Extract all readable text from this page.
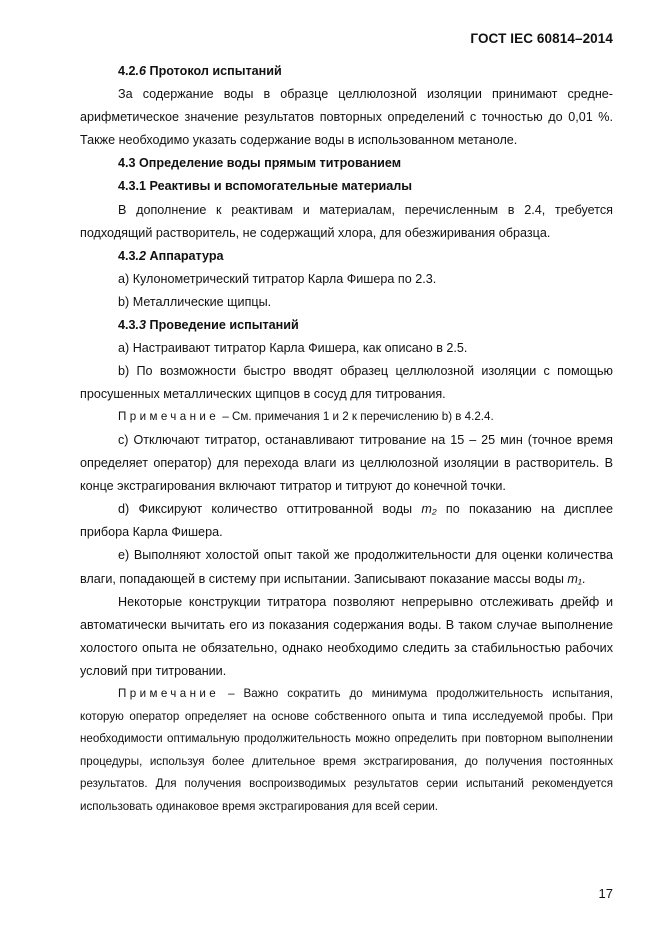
ГОСТ IEC 60814–2014

4.2.6 Протокол испытаний

За содержание воды в образце целлюлозной изоляции принимают средне-арифметическое значение результатов повторных определений с точностью до 0,01 %. Также необходимо указать содержание воды в использованном метаноле.

4.3 Определение воды прямым титрованием

4.3.1 Реактивы и вспомогательные материалы

В дополнение к реактивам и материалам, перечисленным в 2.4, требуется подходящий растворитель, не содержащий хлора, для обезжиривания образца.

4.3.2 Аппаратура

a) Кулонометрический титратор Карла Фишера по 2.3.

b) Металлические щипцы.

4.3.3 Проведение испытаний

a) Настраивают титратор Карла Фишера, как описано в 2.5.

b) По возможности быстро вводят образец целлюлозной изоляции с помощью просушенных металлических щипцов в сосуд для титрования.

Примечание – См. примечания 1 и 2 к перечислению b) в 4.2.4.

c) Отключают титратор, останавливают титрование на 15 – 25 мин (точное время определяет оператор) для перехода влаги из целлюлозной изоляции в растворитель. В конце экстрагирования включают титратор и титруют до конечной точки.

d) Фиксируют количество оттитрованной воды m₂ по показанию на дисплее прибора Карла Фишера.

e) Выполняют холостой опыт такой же продолжительности для оценки количества влаги, попадающей в систему при испытании. Записывают показание массы воды m₁.

Некоторые конструкции титратора позволяют непрерывно отслеживать дрейф и автоматически вычитать его из показания содержания воды. В таком случае выполнение холостого опыта не обязательно, однако необходимо следить за стабильностью рабочих условий при титровании.

Примечание – Важно сократить до минимума продолжительность испытания, которую оператор определяет на основе собственного опыта и типа исследуемой пробы. При необходимости оптимальную продолжительность можно определить при повторном выполнении процедуры, используя более длительное время экстрагирования, до получения постоянных результатов. Для получения воспроизводимых результатов серии испытаний рекомендуется использовать одинаковое время экстрагирования для всей серии.

17
